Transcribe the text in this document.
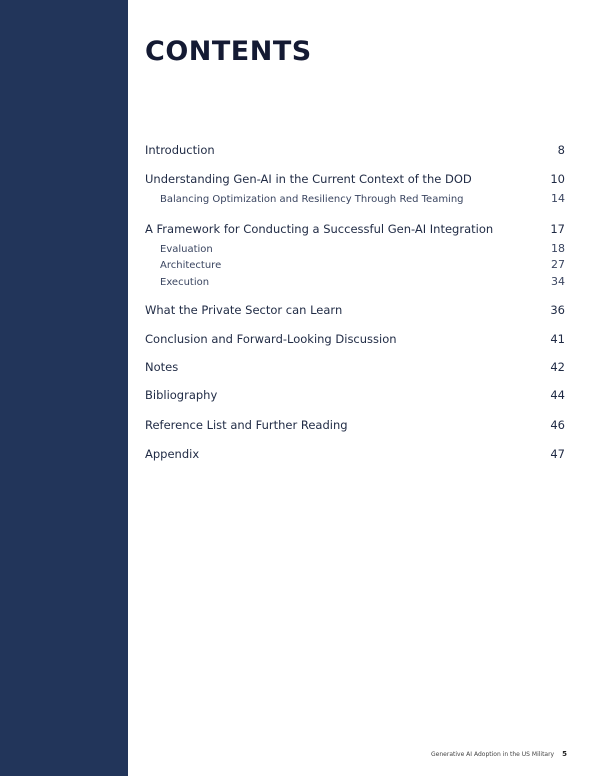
CONTENTS
Introduction	8
Understanding Gen-AI in the Current Context of the DOD	10
Balancing Optimization and Resiliency Through Red Teaming	14
A Framework for Conducting a Successful Gen-AI Integration	17
Evaluation	18
Architecture	27
Execution	34
What the Private Sector can Learn	36
Conclusion and Forward-Looking Discussion	41
Notes	42
Bibliography	44
Reference List and Further Reading	46
Appendix	47
Generative AI Adoption in the US Military 5
